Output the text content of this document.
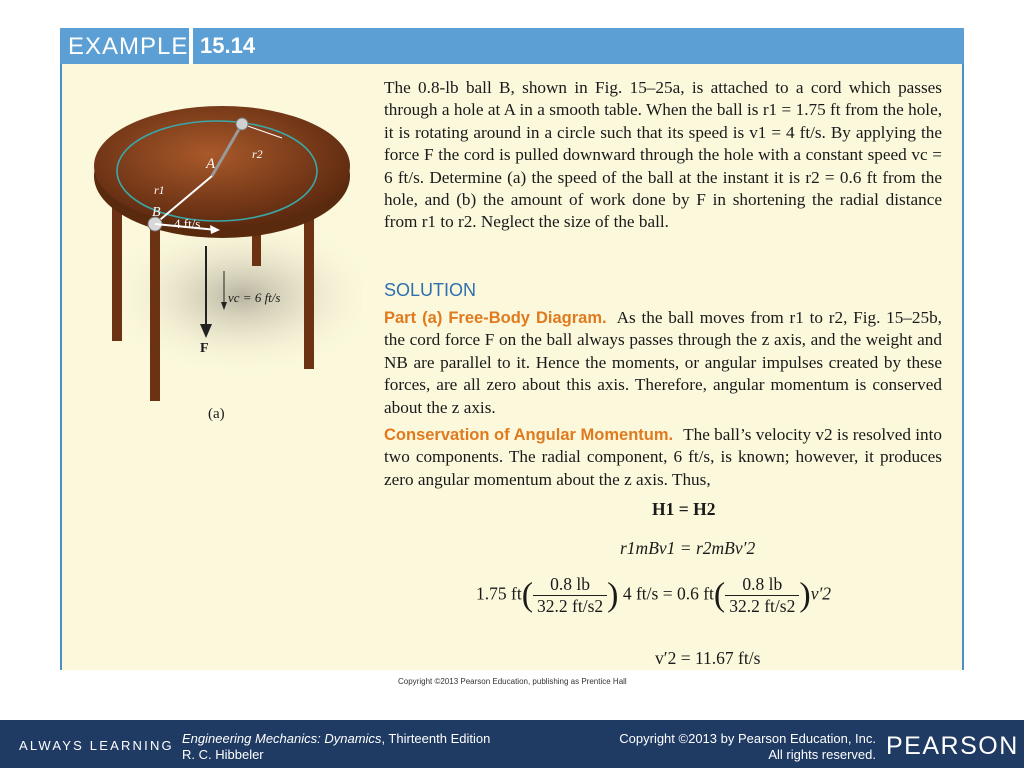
EXAMPLE 15.14
A
B
r1
r2
4 ft/s
vc = 6 ft/s
F
(a)

The 0.8-lb ball B, shown in Fig. 15–25a, is attached to a cord which passes through a hole at A in a smooth table. When the ball is r1 = 1.75 ft from the hole, it is rotating around in a circle such that its speed is v1 = 4 ft/s. By applying the force F the cord is pulled downward through the hole with a constant speed vc = 6 ft/s. Determine (a) the speed of the ball at the instant it is r2 = 0.6 ft from the hole, and (b) the amount of work done by F in shortening the radial distance from r1 to r2. Neglect the size of the ball.

SOLUTION
Part (a) Free-Body Diagram. As the ball moves from r1 to r2, Fig. 15–25b, the cord force F on the ball always passes through the z axis, and the weight and NB are parallel to it. Hence the moments, or angular impulses created by these forces, are all zero about this axis. Therefore, angular momentum is conserved about the z axis.
Conservation of Angular Momentum. The ball’s velocity v2 is resolved into two components. The radial component, 6 ft/s, is known; however, it produces zero angular momentum about the z axis. Thus,
H1 = H2
r1mBv1 = r2mBv′2
1.75 $ft( \frac{0.8 lb}{32.2 ft/s2}$ ) 4 ft/s = 0.6 $ft( \frac{0.8 lb}{32.2 ft/s2} )v'2$
v′2 = 11.67 ft/s
Copyright ©2013 Pearson Education, publishing as Prentice Hall
ALWAYS LEARNING Engineering Mechanics: Dynamics, Thirteenth Edition
R. C. Hibbeler
Copyright ©2013 by Pearson Education, Inc.
All rights reserved. PEARSON
